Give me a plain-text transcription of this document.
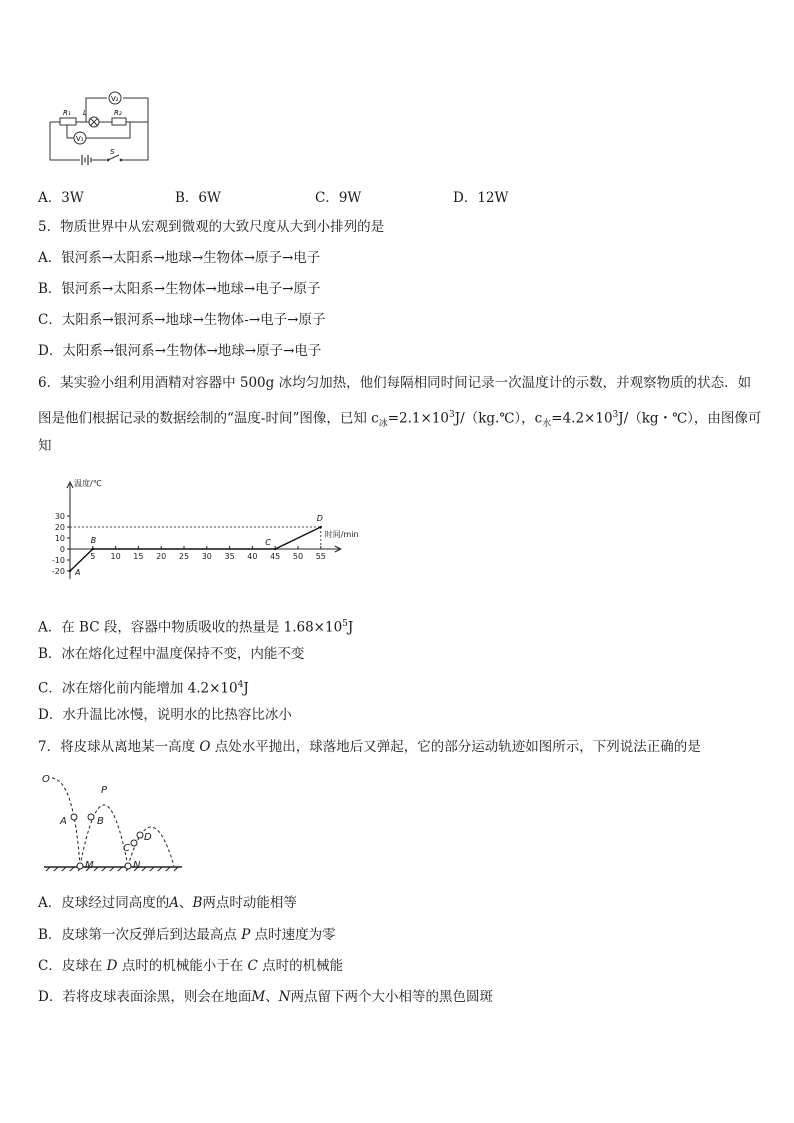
V₂
R₁ L	R₂
V₁
S
A．3W	B．6W	C．9W	D．12W
5．物质世界中从宏观到微观的大致尺度从大到小排列的是
A．银河系→太阳系→地球→生物体→原子→电子
B．银河系→太阳系→生物体→地球→电子→原子
C．太阳系→银河系→地球→生物体-→电子→原子
D．太阳系→银河系→生物体→地球→原子→电子
6．某实验小组利用酒精对容器中 500g 冰均匀加热，他们每隔相同时间记录一次温度计的示数，并观察物质的状态．如
图是他们根据记录的数据绘制的“温度-时间”图像，已知 $c_冰=2.1\times 10^3J/(kg.℃)$，$c_水=4.2\times 10^3J/(kg$・℃），由图像可
知
温度/℃
时间/min
30
20
10
0
-10
-20
5 10 15 20 25 30 35 40 45 50 55
A
B	C
D
A．在 BC 段，容器中物质吸收的热量是 $1.68\times 10^5J$
B．冰在熔化过程中温度保持不变，内能不变
C．冰在熔化前内能增加 $4.2\times 10^4J$
D．水升温比冰慢，说明水的比热容比冰小
7．将皮球从离地某一高度 O 点处水平抛出，球落地后又弹起，它的部分运动轨迹如图所示，下列说法正确的是
O
P
A	B
C
D
M	N
A．皮球经过同高度的A、B两点时动能相等
B．皮球第一次反弹后到达最高点 P 点时速度为零
C．皮球在 D 点时的机械能小于在 C 点时的机械能
D．若将皮球表面涂黑，则会在地面M、N两点留下两个大小相等的黑色圆斑
